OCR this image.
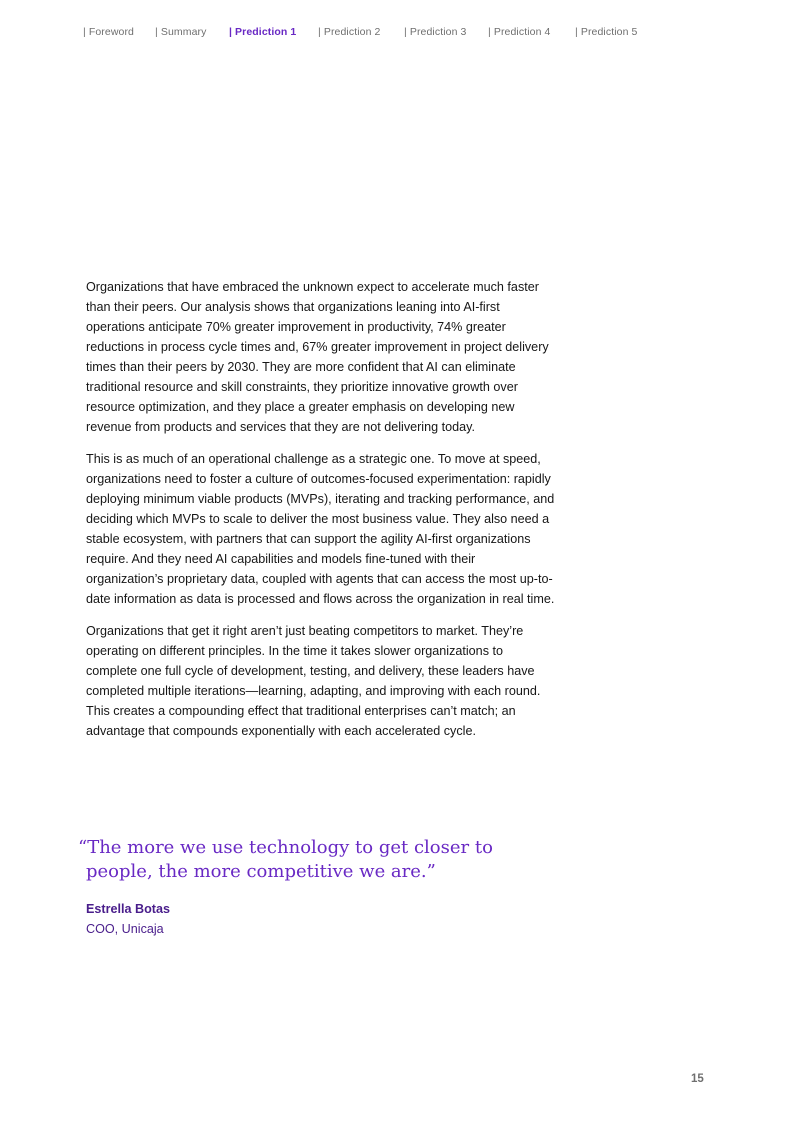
| Foreword | Summary | Prediction 1 | Prediction 2 | Prediction 3 | Prediction 4 | Prediction 5

Organizations that have embraced the unknown expect to accelerate much faster than their peers. Our analysis shows that organizations leaning into AI-first operations anticipate 70% greater improvement in productivity, 74% greater reductions in process cycle times and, 67% greater improvement in project delivery times than their peers by 2030. They are more confident that AI can eliminate traditional resource and skill constraints, they prioritize innovative growth over resource optimization, and they place a greater emphasis on developing new revenue from products and services that they are not delivering today.

This is as much of an operational challenge as a strategic one. To move at speed, organizations need to foster a culture of outcomes-focused experimentation: rapidly deploying minimum viable products (MVPs), iterating and tracking performance, and deciding which MVPs to scale to deliver the most business value. They also need a stable ecosystem, with partners that can support the agility AI-first organizations require. And they need AI capabilities and models fine-tuned with their organization’s proprietary data, coupled with agents that can access the most up-to-date information as data is processed and flows across the organization in real time.

Organizations that get it right aren’t just beating competitors to market. They’re operating on different principles. In the time it takes slower organizations to complete one full cycle of development, testing, and delivery, these leaders have completed multiple iterations—learning, adapting, and improving with each round. This creates a compounding effect that traditional enterprises can’t match; an advantage that compounds exponentially with each accelerated cycle.

“The more we use technology to get closer to
people, the more competitive we are.”
Estrella Botas
COO, Unicaja
15
